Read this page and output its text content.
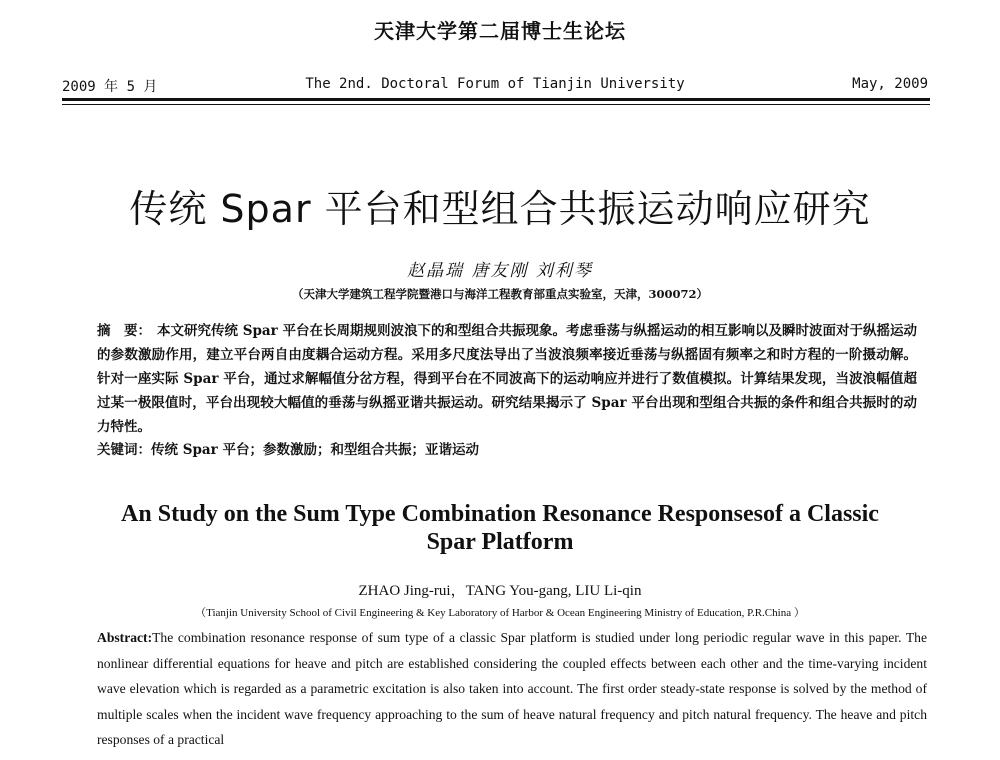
天津大学第二届博士生论坛
2009 年 5 月	The 2nd. Doctoral Forum of Tianjin University	May, 2009
传统 Spar 平台和型组合共振运动响应研究
赵晶瑞 唐友刚 刘利琴
（天津大学建筑工程学院暨港口与海洋工程教育部重点实验室，天津，300072）
摘　要： 本文研究传统 Spar 平台在长周期规则波浪下的和型组合共振现象。考虑垂荡与纵摇运动的相互影响以及瞬时波面对于纵摇运动的参数激励作用，建立平台两自由度耦合运动方程。采用多尺度法导出了当波浪频率接近垂荡与纵摇固有频率之和时方程的一阶摄动解。针对一座实际 Spar 平台，通过求解幅值分岔方程，得到平台在不同波高下的运动响应并进行了数值模拟。计算结果发现，当波浪幅值超过某一极限值时，平台出现较大幅值的垂荡与纵摇亚谐共振运动。研究结果揭示了 Spar 平台出现和型组合共振的条件和组合共振时的动力特性。
关键词：传统 Spar 平台；参数激励；和型组合共振；亚谐运动
An Study on the Sum Type Combination Resonance Responsesof a Classic
Spar Platform
ZHAO Jing-rui，TANG You-gang, LIU Li-qin
（Tianjin University School of Civil Engineering & Key Laboratory of Harbor & Ocean Engineering Ministry of Education, P.R.China ）
Abstract:The combination resonance response of sum type of a classic Spar platform is studied under long periodic regular wave in this paper. The nonlinear differential equations for heave and pitch are established considering the coupled effects between each other and the time-varying incident wave elevation which is regarded as a parametric excitation is also taken into account. The first order steady-state response is solved by the method of multiple scales when the incident wave frequency approaching to the sum of heave natural frequency and pitch natural frequency. The heave and pitch responses of a practical
